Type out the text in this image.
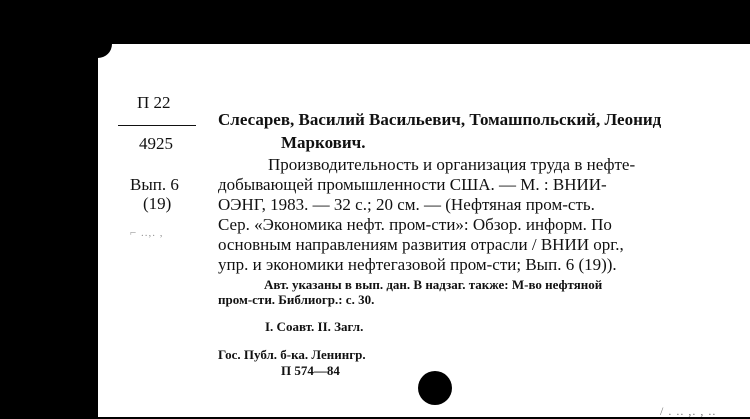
П 22
4925
Вып. 6
(19)
⌐ ..,. ,
Слесарев, Василий Васильевич, Томашпольский, Леонид
Маркович.
Производительность и организация труда в нефте-
добывающей промышленности США. — М. : ВНИИ-
ОЭНГ, 1983. — 32 с.; 20 см. — (Нефтяная пром-сть.
Сер. «Экономика нефт. пром-сти»: Обзор. информ. По
основным направлениям развития отрасли / ВНИИ орг.,
упр. и экономики нефтегазовой пром-сти; Вып. 6 (19)).
Авт. указаны в вып. дан. В надзаг. также: М-во нефтяной
пром-сти. Библиогр.: с. 30.
I. Соавт. II. Загл.
Гос. Публ. б-ка. Ленингр.
П 574—84
/ . .. ,. , ..
